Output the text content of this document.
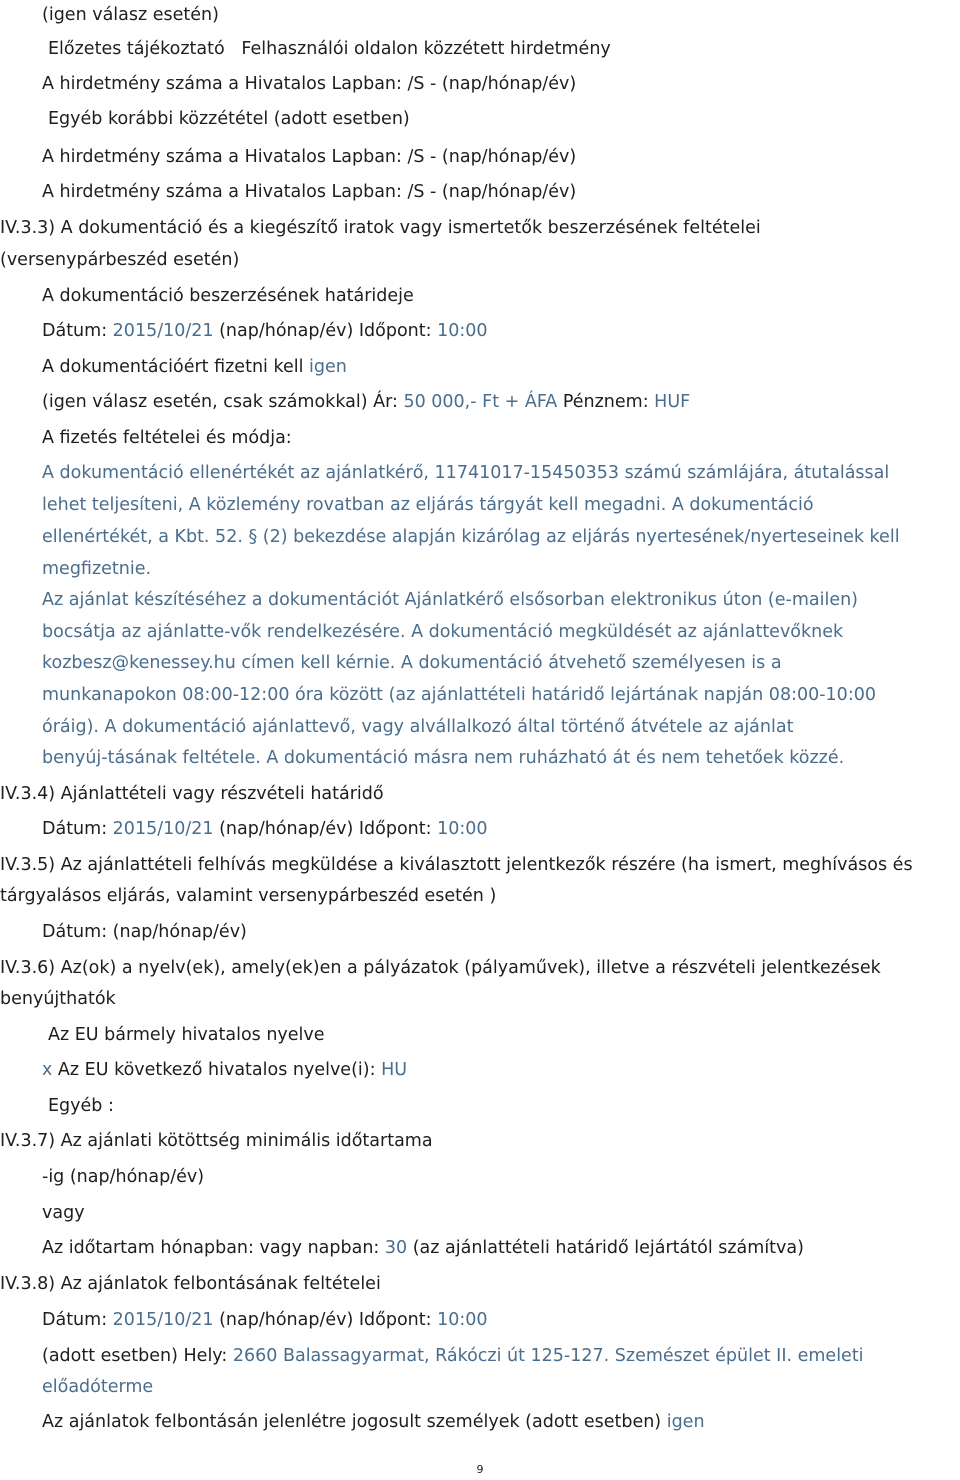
(igen válasz esetén)
Előzetes tájékoztató Felhasználói oldalon közzétett hirdetmény
A hirdetmény száma a Hivatalos Lapban: /S - (nap/hónap/év)
Egyéb korábbi közzététel (adott esetben)
A hirdetmény száma a Hivatalos Lapban: /S - (nap/hónap/év)
A hirdetmény száma a Hivatalos Lapban: /S - (nap/hónap/év)
IV.3.3) A dokumentáció és a kiegészítő iratok vagy ismertetők beszerzésének feltételei
(versenypárbeszéd esetén)
A dokumentáció beszerzésének határideje
Dátum: 2015/10/21 (nap/hónap/év) Időpont: 10:00
A dokumentációért fizetni kell igen
(igen válasz esetén, csak számokkal) Ár: 50 000,- Ft + ÁFA Pénznem: HUF
A fizetés feltételei és módja:
A dokumentáció ellenértékét az ajánlatkérő, 11741017-15450353 számú számlájára, átutalással
lehet teljesíteni, A közlemény rovatban az eljárás tárgyát kell megadni. A dokumentáció
ellenértékét, a Kbt. 52. § (2) bekezdése alapján kizárólag az eljárás nyertesének/nyerteseinek kell
megfizetnie.
Az ajánlat készítéséhez a dokumentációt Ajánlatkérő elsősorban elektronikus úton (e-mailen)
bocsátja az ajánlatte-vők rendelkezésére. A dokumentáció megküldését az ajánlattevőknek
kozbesz@kenessey.hu címen kell kérnie. A dokumentáció átvehető személyesen is a
munkanapokon 08:00-12:00 óra között (az ajánlattételi határidő lejártának napján 08:00-10:00
óráig). A dokumentáció ajánlattevő, vagy alvállalkozó által történő átvétele az ajánlat
benyúj-tásának feltétele. A dokumentáció másra nem ruházható át és nem tehetőek közzé.
IV.3.4) Ajánlattételi vagy részvételi határidő
Dátum: 2015/10/21 (nap/hónap/év) Időpont: 10:00
IV.3.5) Az ajánlattételi felhívás megküldése a kiválasztott jelentkezők részére (ha ismert, meghívásos és
tárgyalásos eljárás, valamint versenypárbeszéd esetén )
Dátum: (nap/hónap/év)
IV.3.6) Az(ok) a nyelv(ek), amely(ek)en a pályázatok (pályaművek), illetve a részvételi jelentkezések
benyújthatók
Az EU bármely hivatalos nyelve
x Az EU következő hivatalos nyelve(i): HU
Egyéb :
IV.3.7) Az ajánlati kötöttség minimális időtartama
-ig (nap/hónap/év)
vagy
Az időtartam hónapban: vagy napban: 30 (az ajánlattételi határidő lejártától számítva)
IV.3.8) Az ajánlatok felbontásának feltételei
Dátum: 2015/10/21 (nap/hónap/év) Időpont: 10:00
(adott esetben) Hely: 2660 Balassagyarmat, Rákóczi út 125-127. Szemészet épület II. emeleti
előadóterme
Az ajánlatok felbontásán jelenlétre jogosult személyek (adott esetben) igen
9
